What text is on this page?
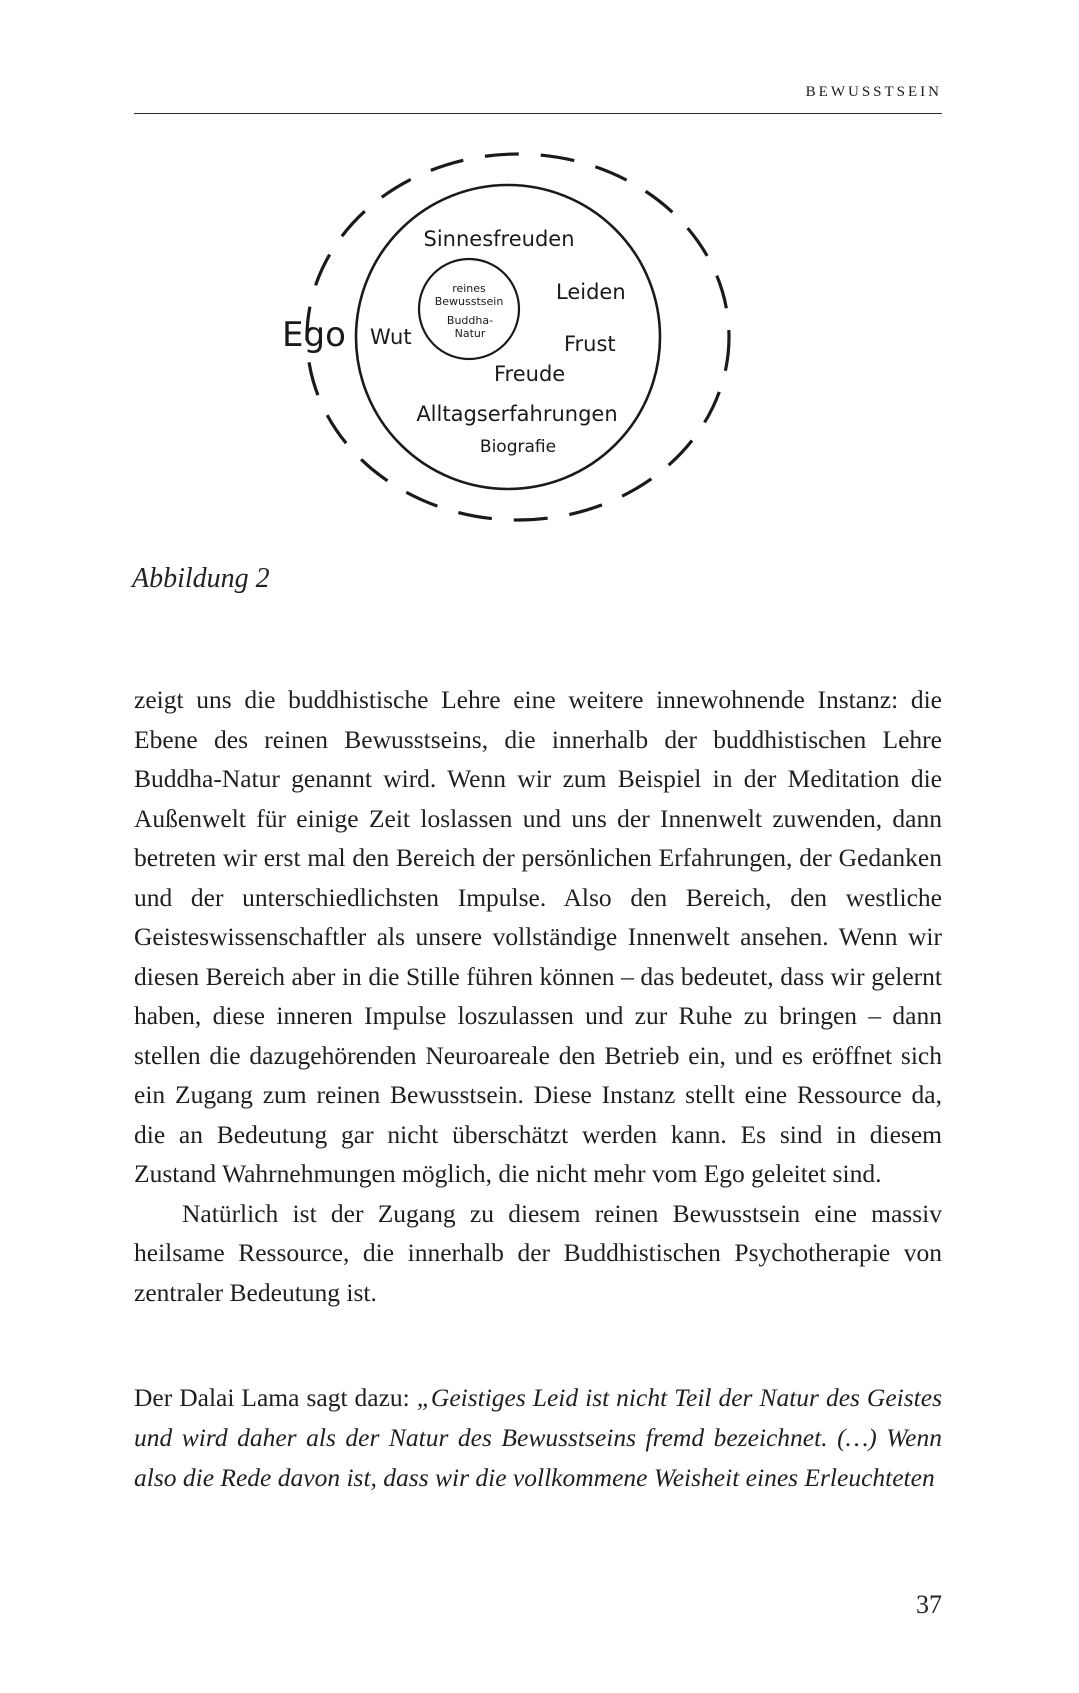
BEWUSSTSEIN
Ego
Sinnesfreuden
Leiden
Wut	Frust
Freude
Alltagserfahrungen
Biografie
reines
Bewusstsein
Buddha-
Natur
Abbildung 2

zeigt uns die buddhistische Lehre eine weitere innewohnende Instanz: die Ebene des reinen Bewusstseins, die innerhalb der buddhistischen Lehre Buddha-Natur genannt wird. Wenn wir zum Beispiel in der Meditation die Außenwelt für einige Zeit loslassen und uns der Innenwelt zuwenden, dann betreten wir erst mal den Bereich der persönlichen Erfahrungen, der Gedanken und der unterschiedlichsten Impulse. Also den Bereich, den westliche Geisteswissenschaftler als unsere vollständige Innenwelt ansehen. Wenn wir diesen Bereich aber in die Stille führen können – das bedeutet, dass wir gelernt haben, diese inneren Impulse loszulassen und zur Ruhe zu bringen – dann stellen die dazugehörenden Neuroareale den Betrieb ein, und es eröffnet sich ein Zugang zum reinen Bewusstsein. Diese Instanz stellt eine Ressource da, die an Bedeutung gar nicht überschätzt werden kann. Es sind in diesem Zustand Wahrnehmungen möglich, die nicht mehr vom Ego geleitet sind.

Natürlich ist der Zugang zu diesem reinen Bewusstsein eine massiv heilsame Ressource, die innerhalb der Buddhistischen Psychotherapie von zentraler Bedeutung ist.

Der Dalai Lama sagt dazu: „Geistiges Leid ist nicht Teil der Natur des Geistes und wird daher als der Natur des Bewusstseins fremd bezeichnet. (…) Wenn also die Rede davon ist, dass wir die vollkommene Weisheit eines Erleuchteten

37
